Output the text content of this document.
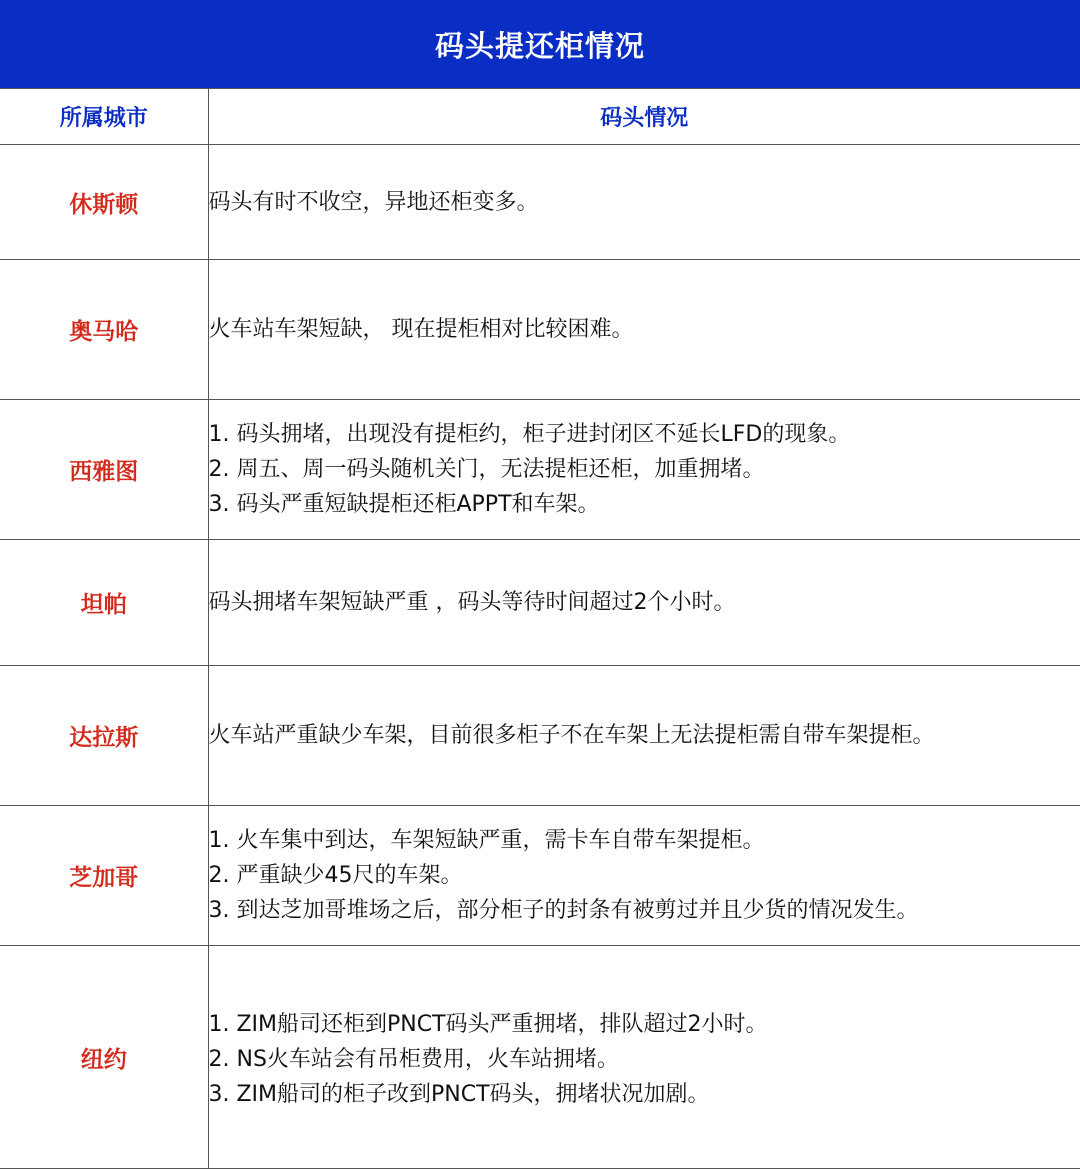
码头提还柜情况
所属城市	码头情况
休斯顿	码头有时不收空，异地还柜变多。

奥马哈	火车站车架短缺， 现在提柜相对比较困难。

西雅图	1. 码头拥堵，出现没有提柜约，柜子进封闭区不延长LFD的现象。
2. 周五、周一码头随机关门，无法提柜还柜，加重拥堵。
3. 码头严重短缺提柜还柜APPT和车架。

坦帕	码头拥堵车架短缺严重 ，码头等待时间超过2个小时。

达拉斯	火车站严重缺少车架，目前很多柜子不在车架上无法提柜需自带车架提柜。

芝加哥	1. 火车集中到达，车架短缺严重，需卡车自带车架提柜。
2. 严重缺少45尺的车架。
3. 到达芝加哥堆场之后，部分柜子的封条有被剪过并且少货的情况发生。

纽约	1. ZIM船司还柜到PNCT码头严重拥堵，排队超过2小时。
2. NS火车站会有吊柜费用，火车站拥堵。
3. ZIM船司的柜子改到PNCT码头，拥堵状况加剧。
